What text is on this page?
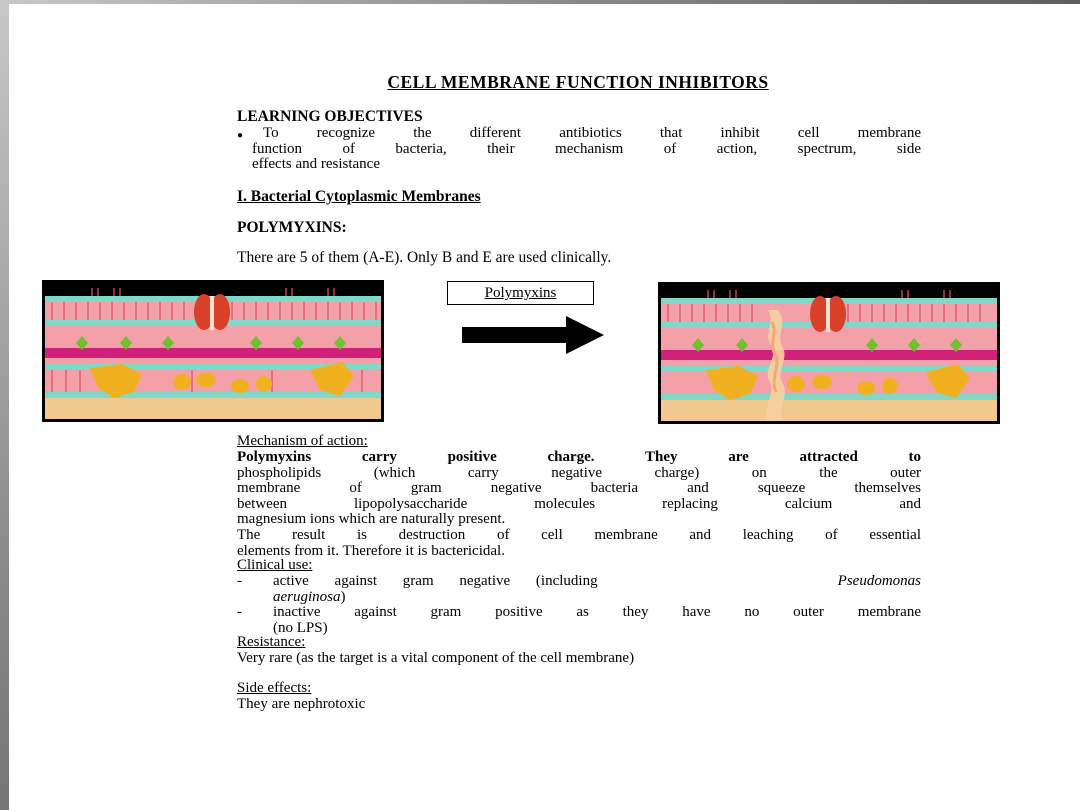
CELL MEMBRANE FUNCTION INHIBITORS
LEARNING OBJECTIVES
● To recognize the different antibiotics that inhibit cell membrane
function of bacteria, their mechanism of action, spectrum, side
effects and resistance
I. Bacterial Cytoplasmic Membranes
POLYMYXINS:
There are 5 of them (A-E). Only B and E are used clinically.
Polymyxins
Mechanism of action:
Polymyxins carry positive charge. They are attracted to
phospholipids (which carry negative charge) on the outer
membrane of gram negative bacteria and squeeze themselves
between lipopolysaccharide molecules replacing calcium and
magnesium ions which are naturally present.
The result is destruction of cell membrane and leaching of essential
elements from it. Therefore it is bactericidal.
Clinical use:
- active against gram negative (including	Pseudomonas
aeruginosa)
- inactive against gram positive as they have no outer membrane
(no LPS)
Resistance:
Very rare (as the target is a vital component of the cell membrane)
Side effects:
They are nephrotoxic
